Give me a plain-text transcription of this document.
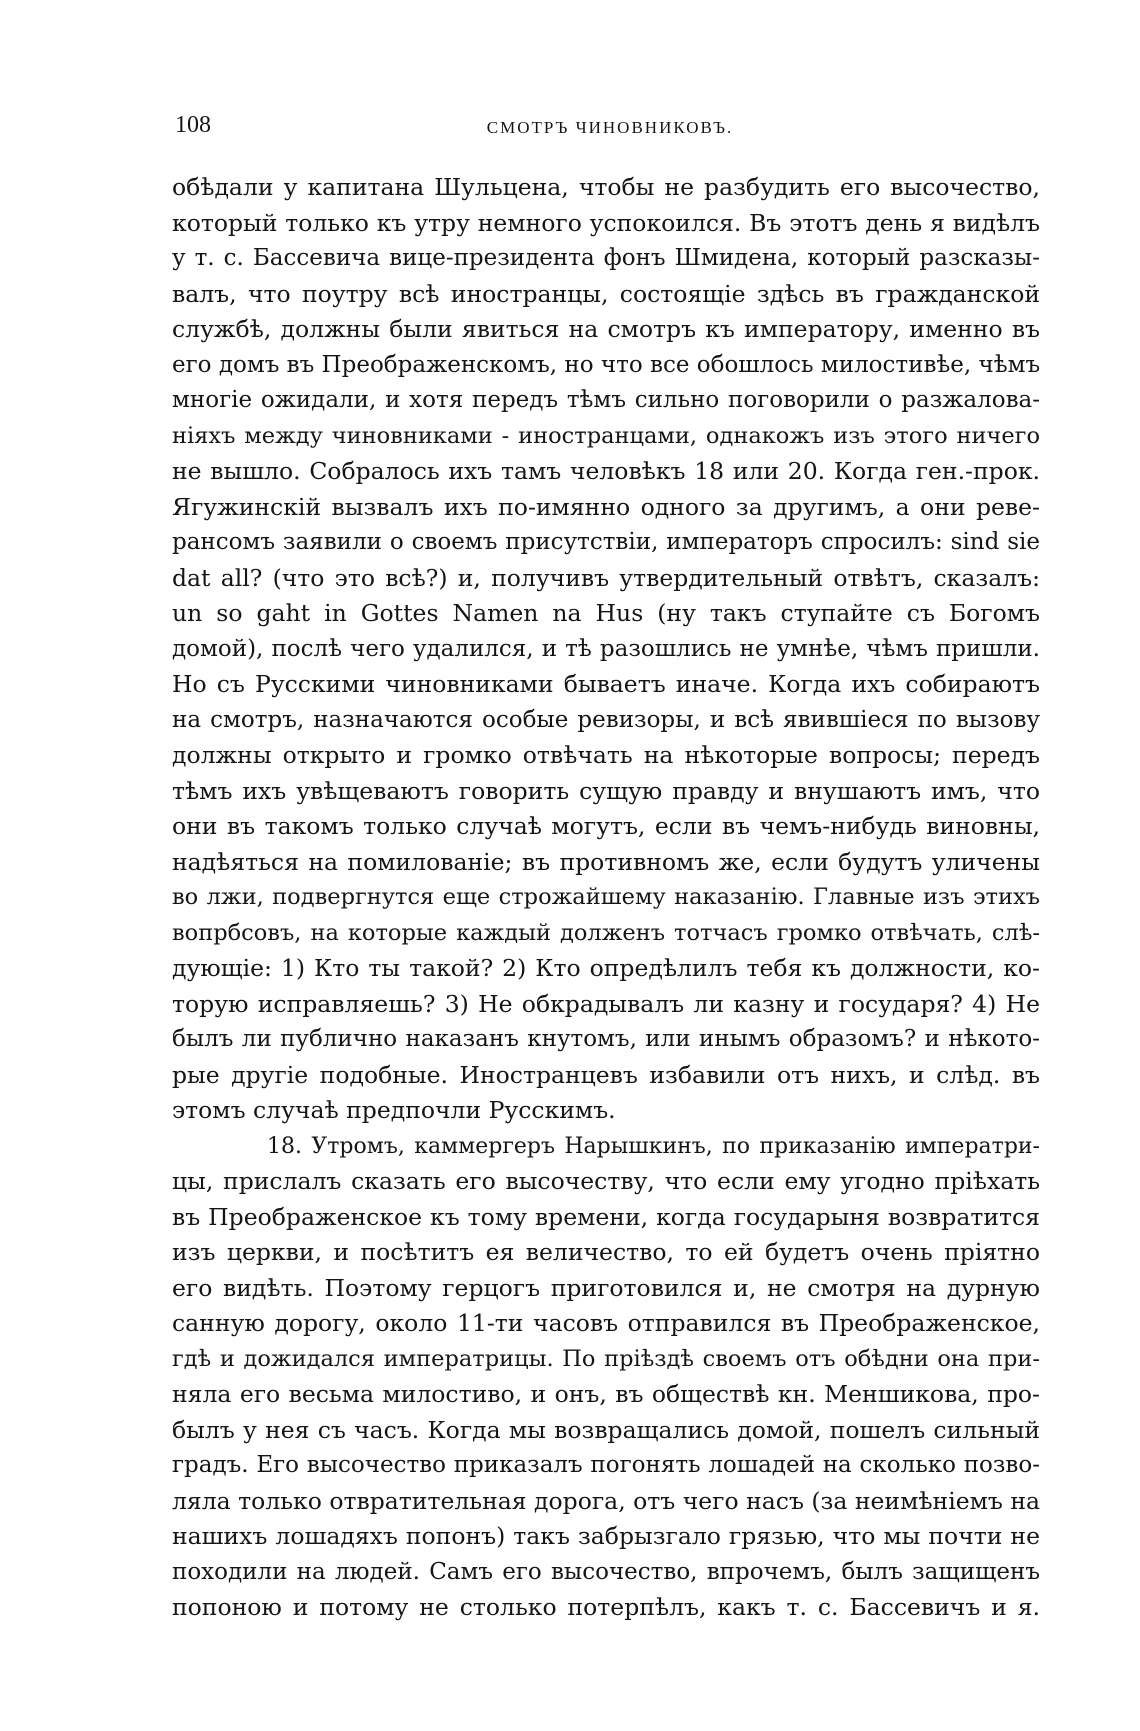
108	СМОТРЪ ЧИНОВНИКОВЪ.
обѣдали у капитана Шульцена, чтобы не разбудить его высочество,
который только къ утру немного успокоился. Въ этотъ день я видѣлъ
у т. с. Бассевича вице-президента фонъ Шмидена, который разсказы-
валъ, что поутру всѣ иностранцы, состоящіе здѣсь въ гражданской
службѣ, должны были явиться на смотръ къ императору, именно въ
его домъ въ Преображенскомъ, но что все обошлось милостивѣе, чѣмъ
многіе ожидали, и хотя передъ тѣмъ сильно поговорили о разжалова-
ніяхъ между чиновниками - иностранцами, однакожъ изъ этого ничего
не вышло. Собралось ихъ тамъ человѣкъ 18 или 20. Когда ген.-прок.
Ягужинскій вызвалъ ихъ по-имянно одного за другимъ, а они реве-
рансомъ заявили о своемъ присутствіи, императоръ спросилъ: sind sie
dat all? (что это всѣ?) и, получивъ утвердительный отвѣтъ, сказалъ:
un so gaht in Gottes Namen na Hus (ну такъ ступайте съ Богомъ
домой), послѣ чего удалился, и тѣ разошлись не умнѣе, чѣмъ пришли.
Но съ Русскими чиновниками бываетъ иначе. Когда ихъ собираютъ
на смотръ, назначаются особые ревизоры, и всѣ явившіеся по вызову
должны открыто и громко отвѣчать на нѣкоторые вопросы; передъ
тѣмъ ихъ увѣщеваютъ говорить сущую правду и внушаютъ имъ, что
они въ такомъ только случаѣ могутъ, если въ чемъ-нибудь виновны,
надѣяться на помилованіе; въ противномъ же, если будутъ уличены
во лжи, подвергнутся еще строжайшему наказанію. Главные изъ этихъ
вопрбсовъ, на которые каждый долженъ тотчасъ громко отвѣчать, слѣ-
дующіе: 1) Кто ты такой? 2) Кто опредѣлилъ тебя къ должности, ко-
торую исправляешь? 3) Не обкрадывалъ ли казну и государя? 4) Не
былъ ли публично наказанъ кнутомъ, или инымъ образомъ? и нѣкото-
рые другіе подобные. Иностранцевъ избавили отъ нихъ, и слѣд. въ
этомъ случаѣ предпочли Русскимъ.
18. Утромъ, каммергеръ Нарышкинъ, по приказанію императри-
цы, прислалъ сказать его высочеству, что если ему угодно пріѣхать
въ Преображенское къ тому времени, когда государыня возвратится
изъ церкви, и посѣтитъ ея величество, то ей будетъ очень пріятно
его видѣть. Поэтому герцогъ приготовился и, не смотря на дурную
санную дорогу, около 11-ти часовъ отправился въ Преображенское,
гдѣ и дожидался императрицы. По пріѣздѣ своемъ отъ обѣдни она при-
няла его весьма милостиво, и онъ, въ обществѣ кн. Меншикова, про-
былъ у нея съ часъ. Когда мы возвращались домой, пошелъ сильный
градъ. Его высочество приказалъ погонять лошадей на сколько позво-
ляла только отвратительная дорога, отъ чего насъ (за неимѣніемъ на
нашихъ лошадяхъ попонъ) такъ забрызгало грязью, что мы почти не
походили на людей. Самъ его высочество, впрочемъ, былъ защищенъ
попоною и потому не столько потерпѣлъ, какъ т. с. Бассевичъ и я.
